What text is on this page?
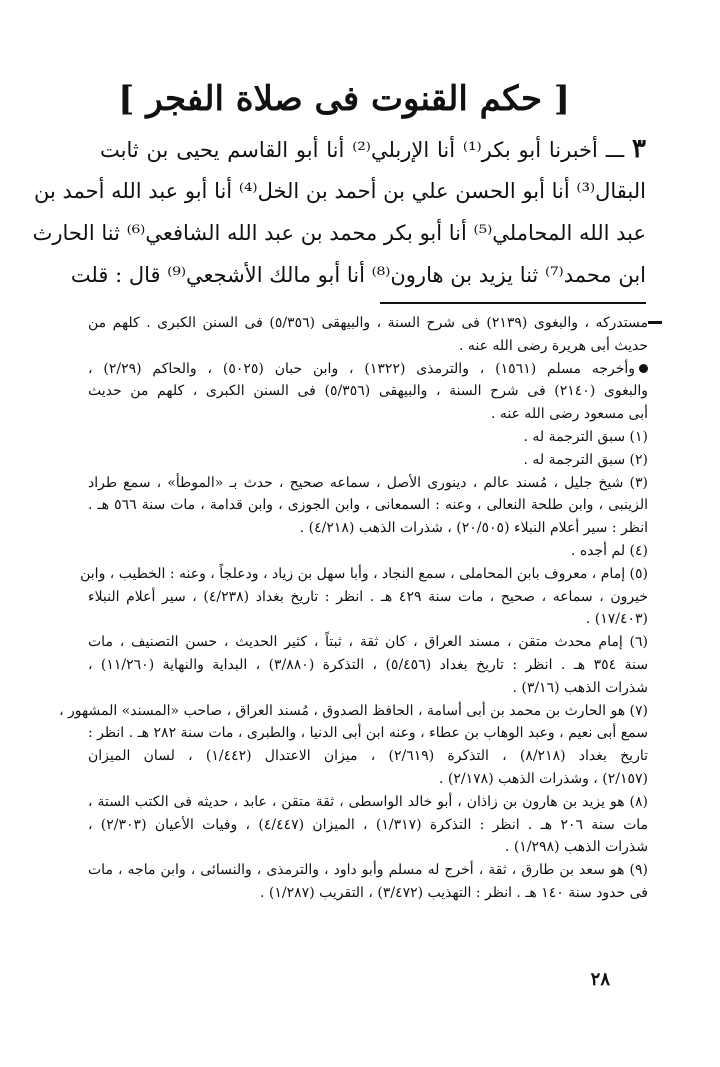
[ حكم القنوت فى صلاة الفجر ]
٣ ـــ أخبرنا أبو بكر⁽¹⁾ أنا الإربلي⁽²⁾ أنا أبو القاسم يحيى بن ثابت
البقال⁽³⁾ أنا أبو الحسن علي بن أحمد بن الخل⁽⁴⁾ أنا أبو عبد الله أحمد بن
عبد الله المحاملي⁽⁵⁾ أنا أبو بكر محمد بن عبد الله الشافعي⁽⁶⁾ ثنا الحارث
ابن محمد⁽⁷⁾ ثنا يزيد بن هارون⁽⁸⁾ أنا أبو مالك الأشجعي⁽⁹⁾ قال : قلت
مستدركه ، والبغوى (٢١٣٩) فى شرح السنة ، والبيهقى (٥/٣٥٦) فى السنن الكبرى . كلهم من
حديث أبى هريرة رضى الله عنه .
وأخرجه مسلم (١٥٦١) ، والترمذى (١٣٢٢) ، وابن حبان (٥٠٢٥) ، والحاكم (٢/٢٩) ،
والبغوى (٢١٤٠) فى شرح السنة ، والبيهقى (٥/٣٥٦) فى السنن الكبرى ، كلهم من حديث
أبى مسعود رضى الله عنه .
(١) سبق الترجمة له .
(٢) سبق الترجمة له .
(٣) شيخ جليل ، مُسند عالم ، دينورى الأصل ، سماعه صحيح ، حدث بـ «الموطأ» ، سمع طراد
الزينبى ، وابن طلحة النعالى ، وعنه : السمعانى ، وابن الجوزى ، وابن قدامة ، مات سنة ٥٦٦ هـ .
انظر : سير أعلام النبلاء (٢٠/٥٠٥) ، شذرات الذهب (٤/٢١٨) .
(٤) لم أجده .
(٥) إمام ، معروف بابن المحاملى ، سمع النجاد ، وأبا سهل بن زياد ، ودعلجاً ، وعنه : الخطيب ، وابن
خيرون ، سماعه ، صحيح ، مات سنة ٤٢٩ هـ . انظر : تاريخ بغداد (٤/٢٣٨) ، سير أعلام النبلاء
(١٧/٤٠٣) .
(٦) إمام محدث متقن ، مسند العراق ، كان ثقة ، ثبتاً ، كثير الحديث ، حسن التصنيف ، مات
سنة ٣٥٤ هـ . انظر : تاريخ بغداد (٥/٤٥٦) ، التذكرة (٣/٨٨٠) ، البداية والنهاية (١١/٢٦٠) ،
شذرات الذهب (٣/١٦) .
(٧) هو الحارث بن محمد بن أبى أسامة ، الحافظ الصدوق ، مُسند العراق ، صاحب «المسند» المشهور ،
سمع أبى نعيم ، وعبد الوهاب بن عطاء ، وعنه ابن أبى الدنيا ، والطبرى ، مات سنة ٢٨٢ هـ . انظر :
تاريخ بغداد (٨/٢١٨) ، التذكرة (٢/٦١٩) ، ميزان الاعتدال (١/٤٤٢) ، لسان الميزان
(٢/١٥٧) ، وشذرات الذهب (٢/١٧٨) .
(٨) هو يزيد بن هارون بن زاذان ، أبو خالد الواسطى ، ثقة متقن ، عابد ، حديثه فى الكتب الستة ،
مات سنة ٢٠٦ هـ . انظر : التذكرة (١/٣١٧) ، الميزان (٤/٤٤٧) ، وفيات الأعيان (٢/٣٠٣) ،
شذرات الذهب (١/٢٩٨) .
(٩) هو سعد بن طارق ، ثقة ، أخرج له مسلم وأبو داود ، والترمذى ، والنسائى ، وابن ماجه ، مات
فى حدود سنة ١٤٠ هـ . انظر : التهذيب (٣/٤٧٢) ، التقريب (١/٢٨٧) .
٢٨
